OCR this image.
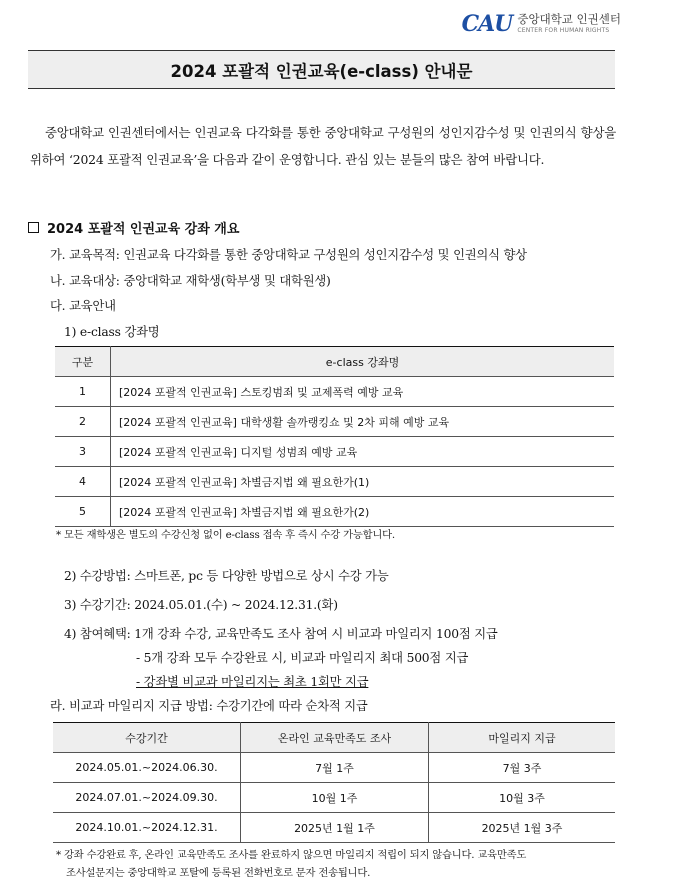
CAU 중앙대학교 인권센터
CENTER FOR HUMAN RIGHTS
2024 포괄적 인권교육(e-class) 안내문
중앙대학교 인권센터에서는 인권교육 다각화를 통한 중앙대학교 구성원의 성인지감수성 및 인권의식 향상을 위하여 ‘2024 포괄적 인권교육’을 다음과 같이 운영합니다. 관심 있는 분들의 많은 참여 바랍니다.
2024 포괄적 인권교육 강좌 개요
가. 교육목적: 인권교육 다각화를 통한 중앙대학교 구성원의 성인지감수성 및 인권의식 향상
나. 교육대상: 중앙대학교 재학생(학부생 및 대학원생)
다. 교육안내
1) e-class 강좌명
구분	e-class 강좌명
1	[2024 포괄적 인권교육] 스토킹범죄 및 교제폭력 예방 교육
2	[2024 포괄적 인권교육] 대학생활 솔까랭킹쇼 및 2차 피해 예방 교육
3	[2024 포괄적 인권교육] 디지털 성범죄 예방 교육
4	[2024 포괄적 인권교육] 차별금지법 왜 필요한가(1)
5	[2024 포괄적 인권교육] 차별금지법 왜 필요한가(2)
* 모든 재학생은 별도의 수강신청 없이 e-class 접속 후 즉시 수강 가능합니다.
2) 수강방법: 스마트폰, pc 등 다양한 방법으로 상시 수강 가능
3) 수강기간: 2024.05.01.(수) ~ 2024.12.31.(화)
4) 참여혜택: 1개 강좌 수강, 교육만족도 조사 참여 시 비교과 마일리지 100점 지급
- 5개 강좌 모두 수강완료 시, 비교과 마일리지 최대 500점 지급
- 강좌별 비교과 마일리지는 최초 1회만 지급
라. 비교과 마일리지 지급 방법: 수강기간에 따라 순차적 지급
수강기간	온라인 교육만족도 조사	마일리지 지급
2024.05.01.~2024.06.30.	7월 1주	7월 3주
2024.07.01.~2024.09.30.	10월 1주	10월 3주
2024.10.01.~2024.12.31.	2025년 1월 1주	2025년 1월 3주
* 강좌 수강완료 후, 온라인 교육만족도 조사를 완료하지 않으면 마일리지 적립이 되지 않습니다. 교육만족도
조사설문지는 중앙대학교 포탈에 등록된 전화번호로 문자 전송됩니다.
